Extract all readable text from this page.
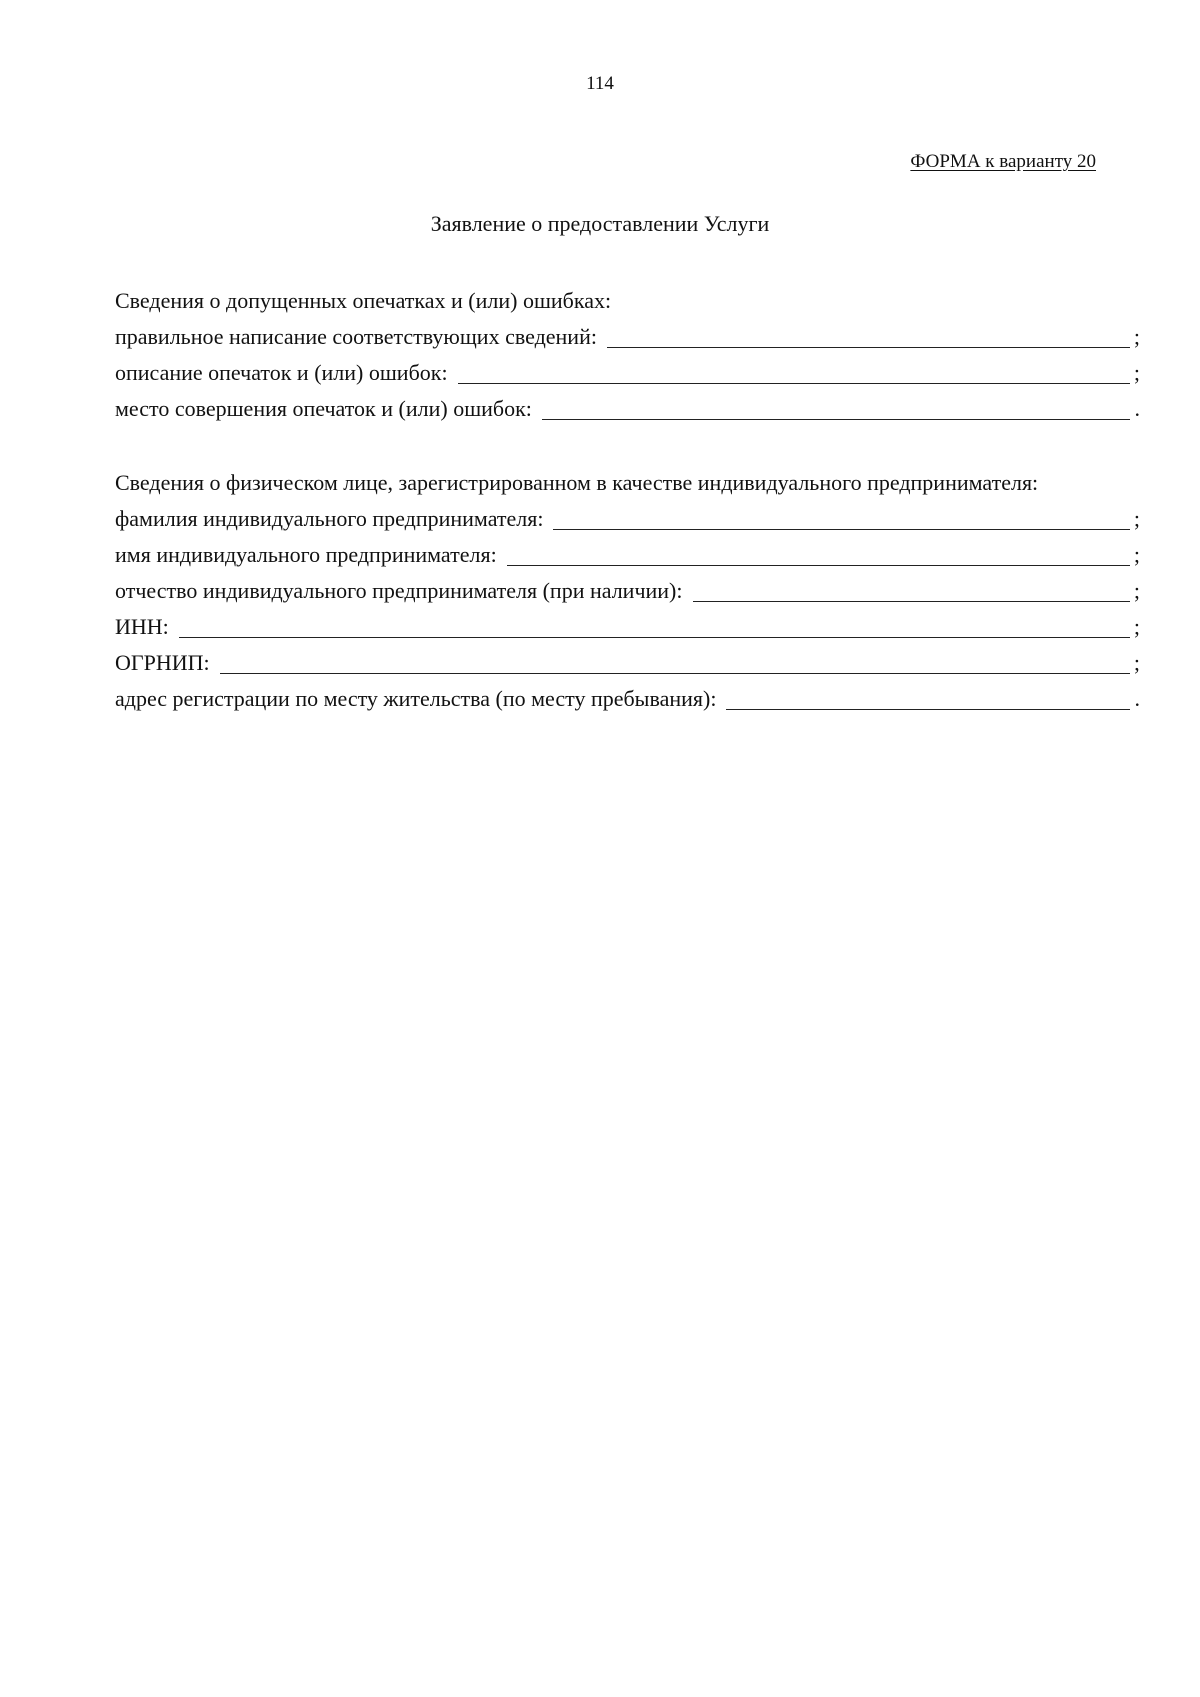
114
ФОРМА к варианту 20
Заявление о предоставлении Услуги
Сведения о допущенных опечатках и (или) ошибках:
правильное написание соответствующих сведений:	;
описание опечаток и (или) ошибок:	;
место совершения опечаток и (или) ошибок:	.
Сведения о физическом лице, зарегистрированном в качестве индивидуального предпринимателя:
фамилия индивидуального предпринимателя:	;
имя индивидуального предпринимателя:	;
отчество индивидуального предпринимателя (при наличии):	;
ИНН:	;
ОГРНИП:	;
адрес регистрации по месту жительства (по месту пребывания):	.
